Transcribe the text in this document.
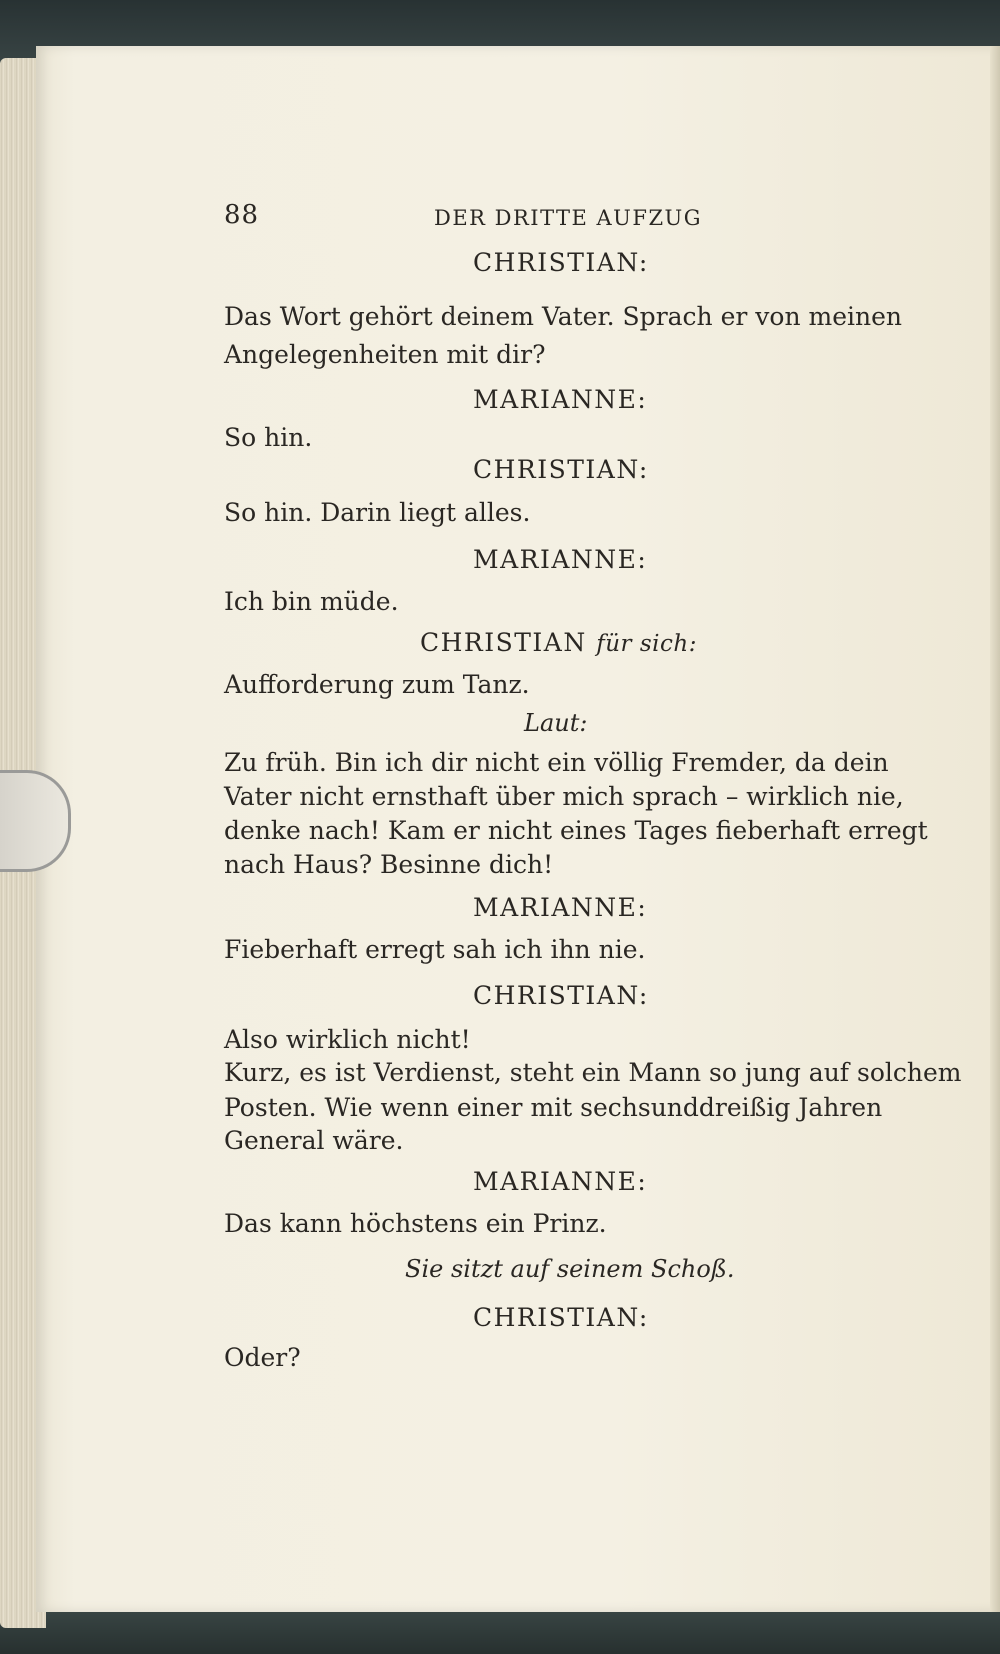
88	DER DRITTE AUFZUG
CHRISTIAN:
Das Wort gehört deinem Vater. Sprach er von meinen
Angelegenheiten mit dir?
MARIANNE:
So hin.
CHRISTIAN:
So hin. Darin liegt alles.
MARIANNE:
Ich bin müde.
CHRISTIAN für sich:
Aufforderung zum Tanz.
Laut:
Zu früh. Bin ich dir nicht ein völlig Fremder, da dein
Vater nicht ernsthaft über mich sprach – wirklich nie,
denke nach! Kam er nicht eines Tages fieberhaft erregt
nach Haus? Besinne dich!
MARIANNE:
Fieberhaft erregt sah ich ihn nie.
CHRISTIAN:
Also wirklich nicht!
Kurz, es ist Verdienst, steht ein Mann so jung auf solchem
Posten. Wie wenn einer mit sechsunddreißig Jahren
General wäre.
MARIANNE:
Das kann höchstens ein Prinz.
Sie sitzt auf seinem Schoß.
CHRISTIAN:
Oder?
